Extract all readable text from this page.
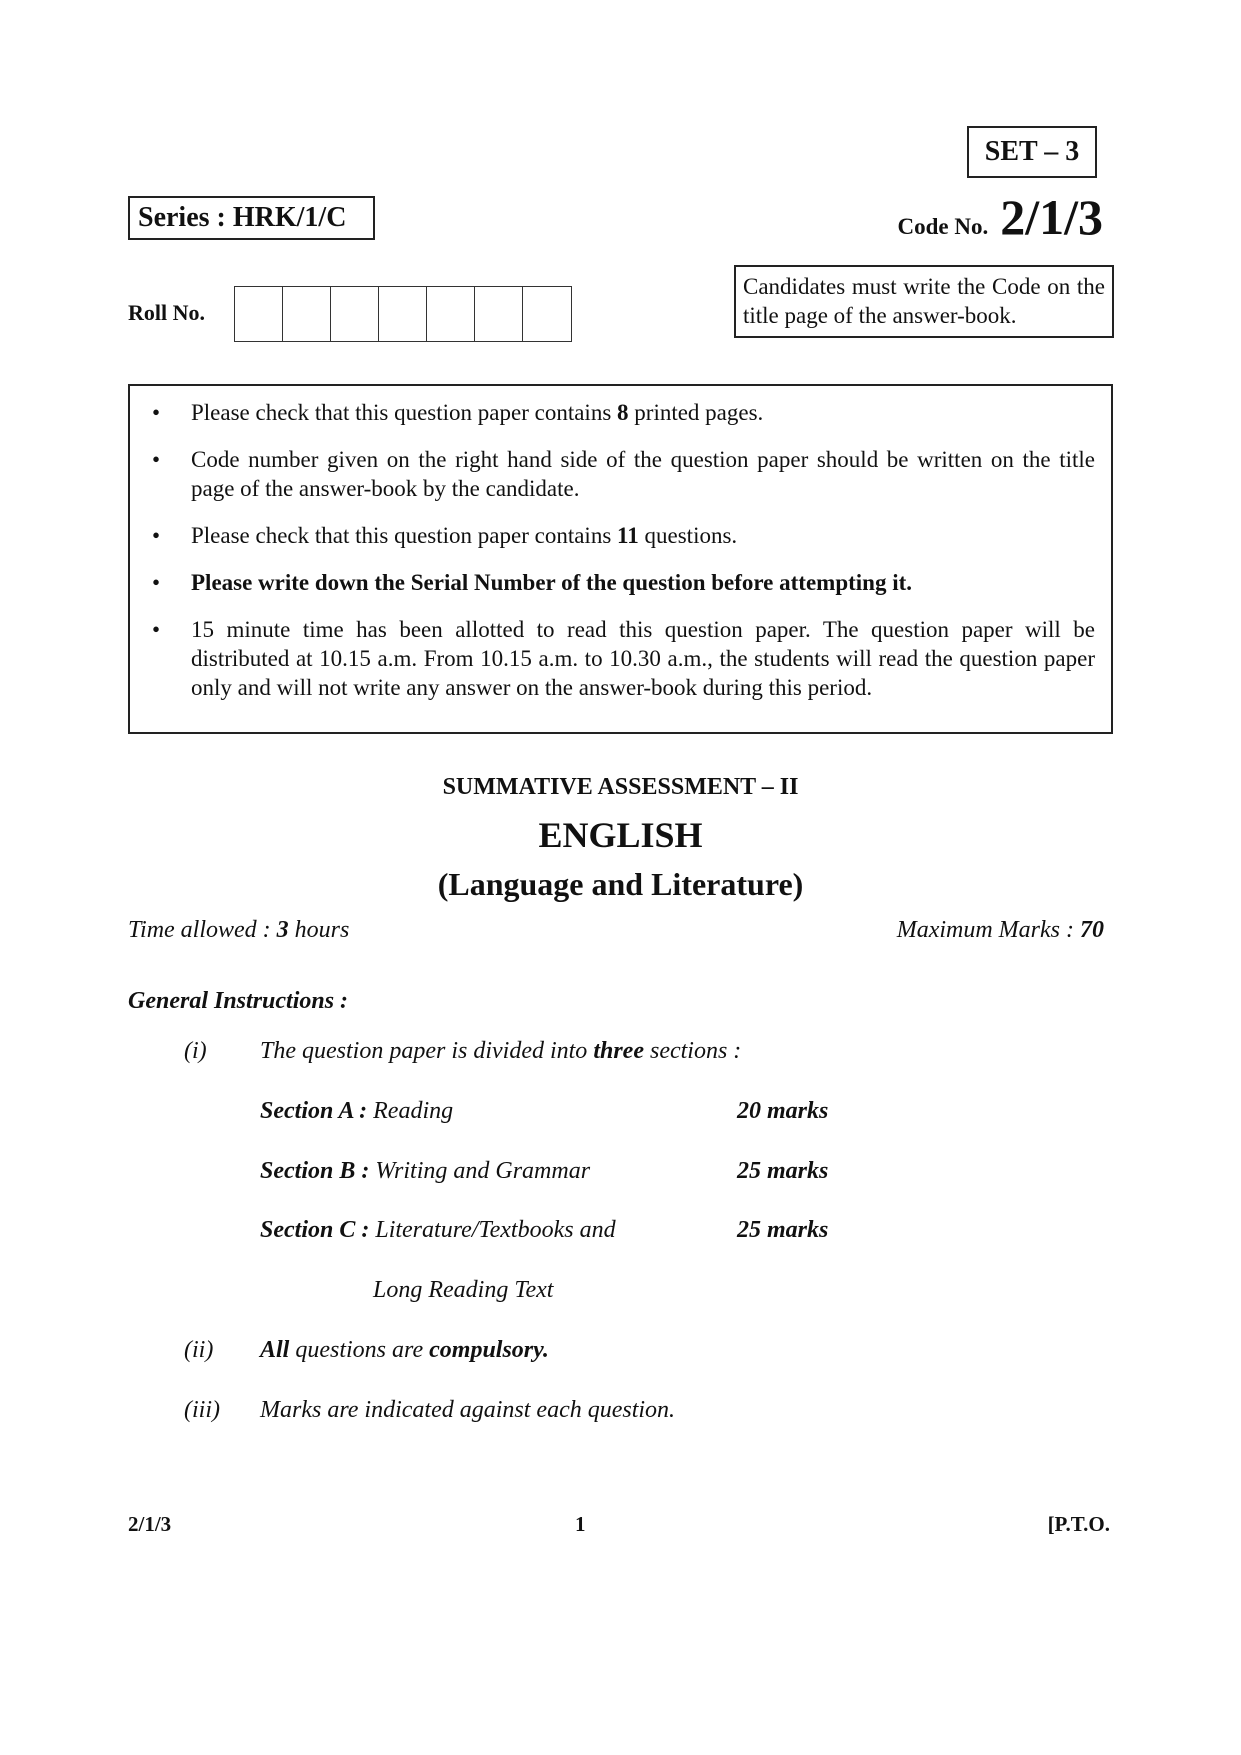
SET – 3
Series : HRK/1/C	Code No. 2/1/3
Roll No.
Candidates must write the Code on the title page of the answer-book.
•	Please check that this question paper contains 8 printed pages.
•	Code number given on the right hand side of the question paper should be written on the title page of the answer-book by the candidate.
•	Please check that this question paper contains 11 questions.
•	Please write down the Serial Number of the question before attempting it.
•	15 minute time has been allotted to read this question paper. The question paper will be distributed at 10.15 a.m. From 10.15 a.m. to 10.30 a.m., the students will read the question paper only and will not write any answer on the answer-book during this period.
SUMMATIVE ASSESSMENT – II
ENGLISH
(Language and Literature)
Time allowed : 3 hours	Maximum Marks : 70
General Instructions :
(i) The question paper is divided into three sections :
Section A : Reading	20 marks
Section B : Writing and Grammar	25 marks
Section C : Literature/Textbooks and	25 marks
Long Reading Text
(ii) All questions are compulsory.
(iii) Marks are indicated against each question.
2/1/3	1	[P.T.O.
